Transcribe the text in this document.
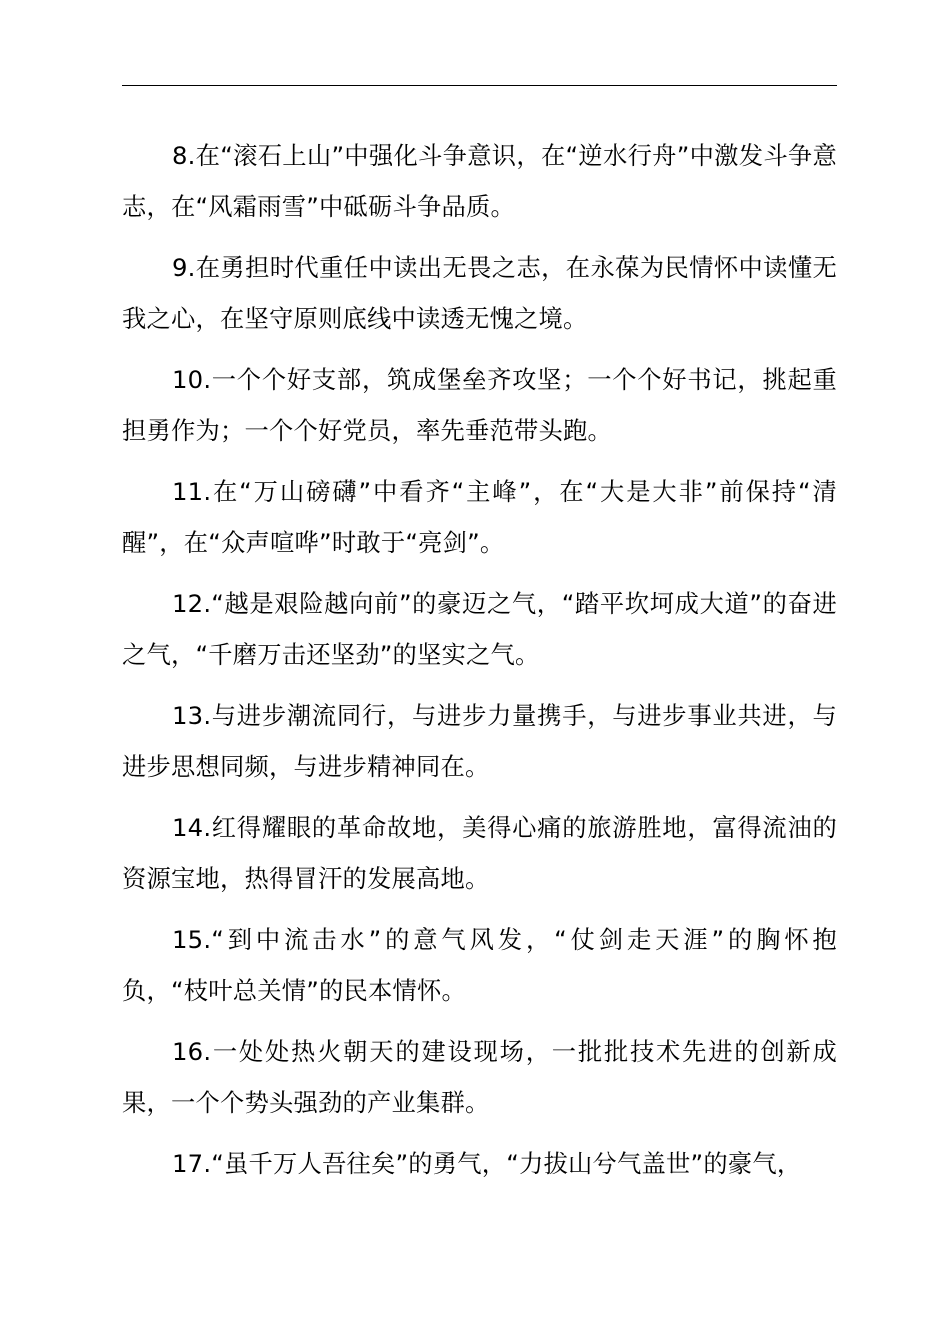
8.在“滚石上山”中强化斗争意识，在“逆水行舟”中激发斗争意志，在“风霜雨雪”中砥砺斗争品质。

9.在勇担时代重任中读出无畏之志，在永葆为民情怀中读懂无我之心，在坚守原则底线中读透无愧之境。

10.一个个好支部，筑成堡垒齐攻坚；一个个好书记，挑起重担勇作为；一个个好党员，率先垂范带头跑。

11.在“万山磅礴”中看齐“主峰”，在“大是大非”前保持“清醒”，在“众声喧哗”时敢于“亮剑”。

12.“越是艰险越向前”的豪迈之气，“踏平坎坷成大道”的奋进之气，“千磨万击还坚劲”的坚实之气。

13.与进步潮流同行，与进步力量携手，与进步事业共进，与进步思想同频，与进步精神同在。

14.红得耀眼的革命故地，美得心痛的旅游胜地，富得流油的资源宝地，热得冒汗的发展高地。

15.“到中流击水”的意气风发，“仗剑走天涯”的胸怀抱负，“枝叶总关情”的民本情怀。

16.一处处热火朝天的建设现场，一批批技术先进的创新成果，一个个势头强劲的产业集群。

17.“虽千万人吾往矣”的勇气，“力拔山兮气盖世”的豪气，
